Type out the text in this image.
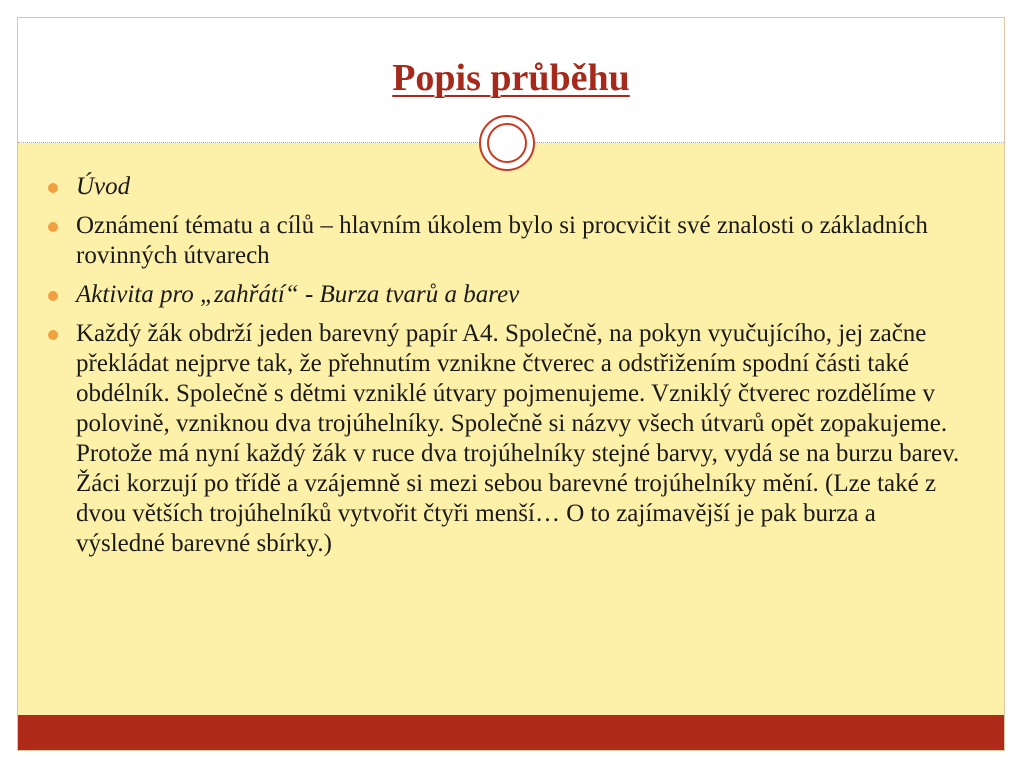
Popis průběhu
Úvod
Oznámení tématu a cílů – hlavním úkolem bylo si procvičit své znalosti o základních rovinných útvarech
Aktivita pro „zahřátí“ - Burza tvarů a barev
Každý žák obdrží jeden barevný papír A4. Společně, na pokyn vyučujícího, jej začne překládat nejprve tak, že přehnutím vznikne čtverec a odstřižením spodní části také obdélník. Společně s dětmi vzniklé útvary pojmenujeme. Vzniklý čtverec rozdělíme v polovině, vzniknou dva trojúhelníky. Společně si názvy všech útvarů opět zopakujeme. Protože má nyní každý žák v ruce dva trojúhelníky stejné barvy, vydá se na burzu barev. Žáci korzují po třídě a vzájemně si mezi sebou barevné trojúhelníky mění. (Lze také z dvou větších trojúhelníků vytvořit čtyři menší… O to zajímavější je pak burza a výsledné barevné sbírky.)
